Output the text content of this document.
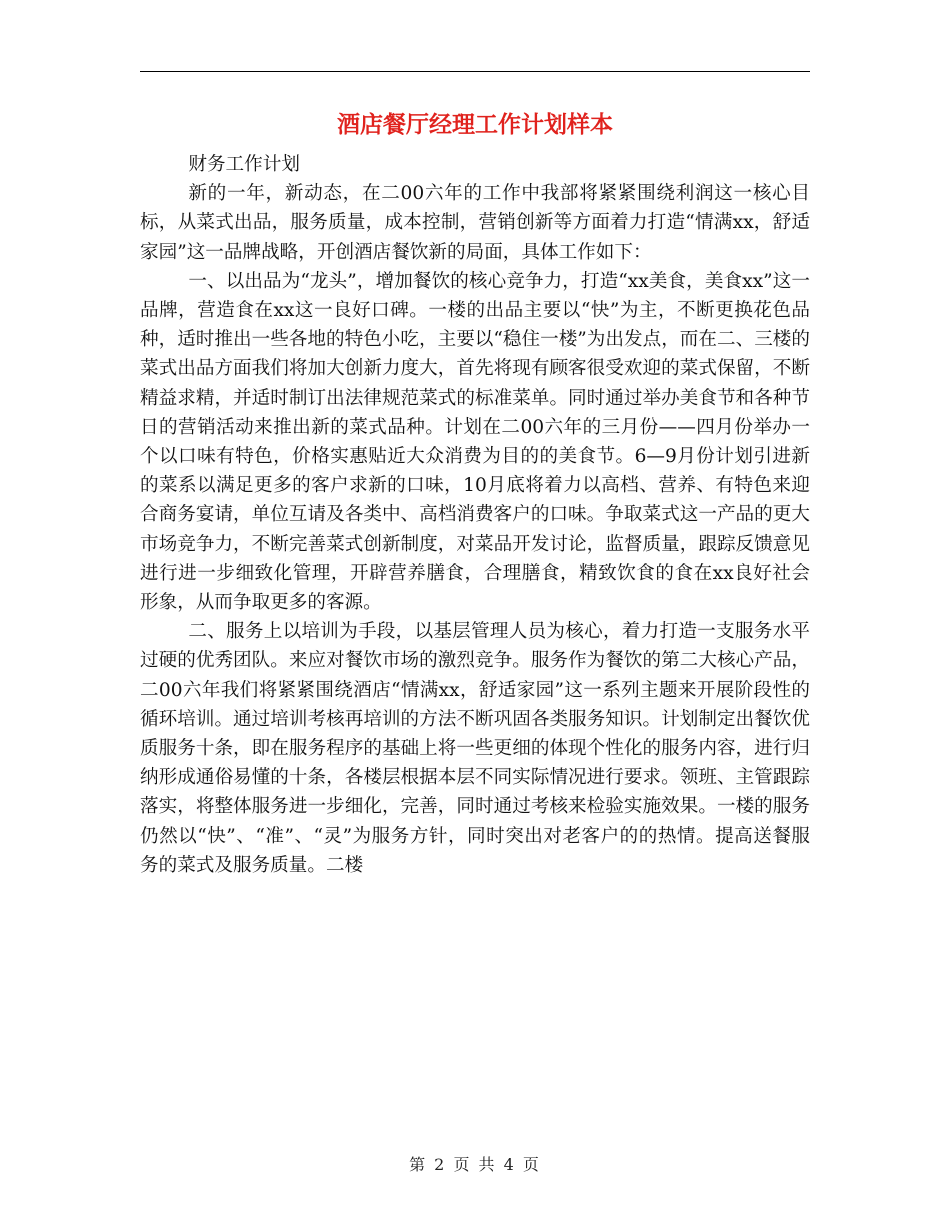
酒店餐厅经理工作计划样本

财务工作计划

新的一年，新动态，在二00六年的工作中我部将紧紧围绕利润这一核心目标，从菜式出品，服务质量，成本控制，营销创新等方面着力打造“情满xx，舒适家园”这一品牌战略，开创酒店餐饮新的局面，具体工作如下：

一、以出品为“龙头”，增加餐饮的核心竞争力，打造“xx美食，美食xx”这一品牌，营造食在xx这一良好口碑。一楼的出品主要以“快”为主，不断更换花色品种，适时推出一些各地的特色小吃，主要以“稳住一楼”为出发点，而在二、三楼的菜式出品方面我们将加大创新力度大，首先将现有顾客很受欢迎的菜式保留，不断精益求精，并适时制订出法律规范菜式的标准菜单。同时通过举办美食节和各种节日的营销活动来推出新的菜式品种。计划在二00六年的三月份——四月份举办一个以口味有特色，价格实惠贴近大众消费为目的的美食节。6—9月份计划引进新的菜系以满足更多的客户求新的口味，10月底将着力以高档、营养、有特色来迎合商务宴请，单位互请及各类中、高档消费客户的口味。争取菜式这一产品的更大市场竞争力，不断完善菜式创新制度，对菜品开发讨论，监督质量，跟踪反馈意见进行进一步细致化管理，开辟营养膳食，合理膳食，精致饮食的食在xx良好社会形象，从而争取更多的客源。

二、服务上以培训为手段，以基层管理人员为核心，着力打造一支服务水平过硬的优秀团队。来应对餐饮市场的激烈竞争。服务作为餐饮的第二大核心产品，二00六年我们将紧紧围绕酒店“情满xx，舒适家园”这一系列主题来开展阶段性的循环培训。通过培训考核再培训的方法不断巩固各类服务知识。计划制定出餐饮优质服务十条，即在服务程序的基础上将一些更细的体现个性化的服务内容，进行归纳形成通俗易懂的十条，各楼层根据本层不同实际情况进行要求。领班、主管跟踪落实，将整体服务进一步细化，完善，同时通过考核来检验实施效果。一楼的服务仍然以“快”、“准”、“灵”为服务方针，同时突出对老客户的的热情。提高送餐服务的菜式及服务质量。二楼

第 2 页 共 4 页
